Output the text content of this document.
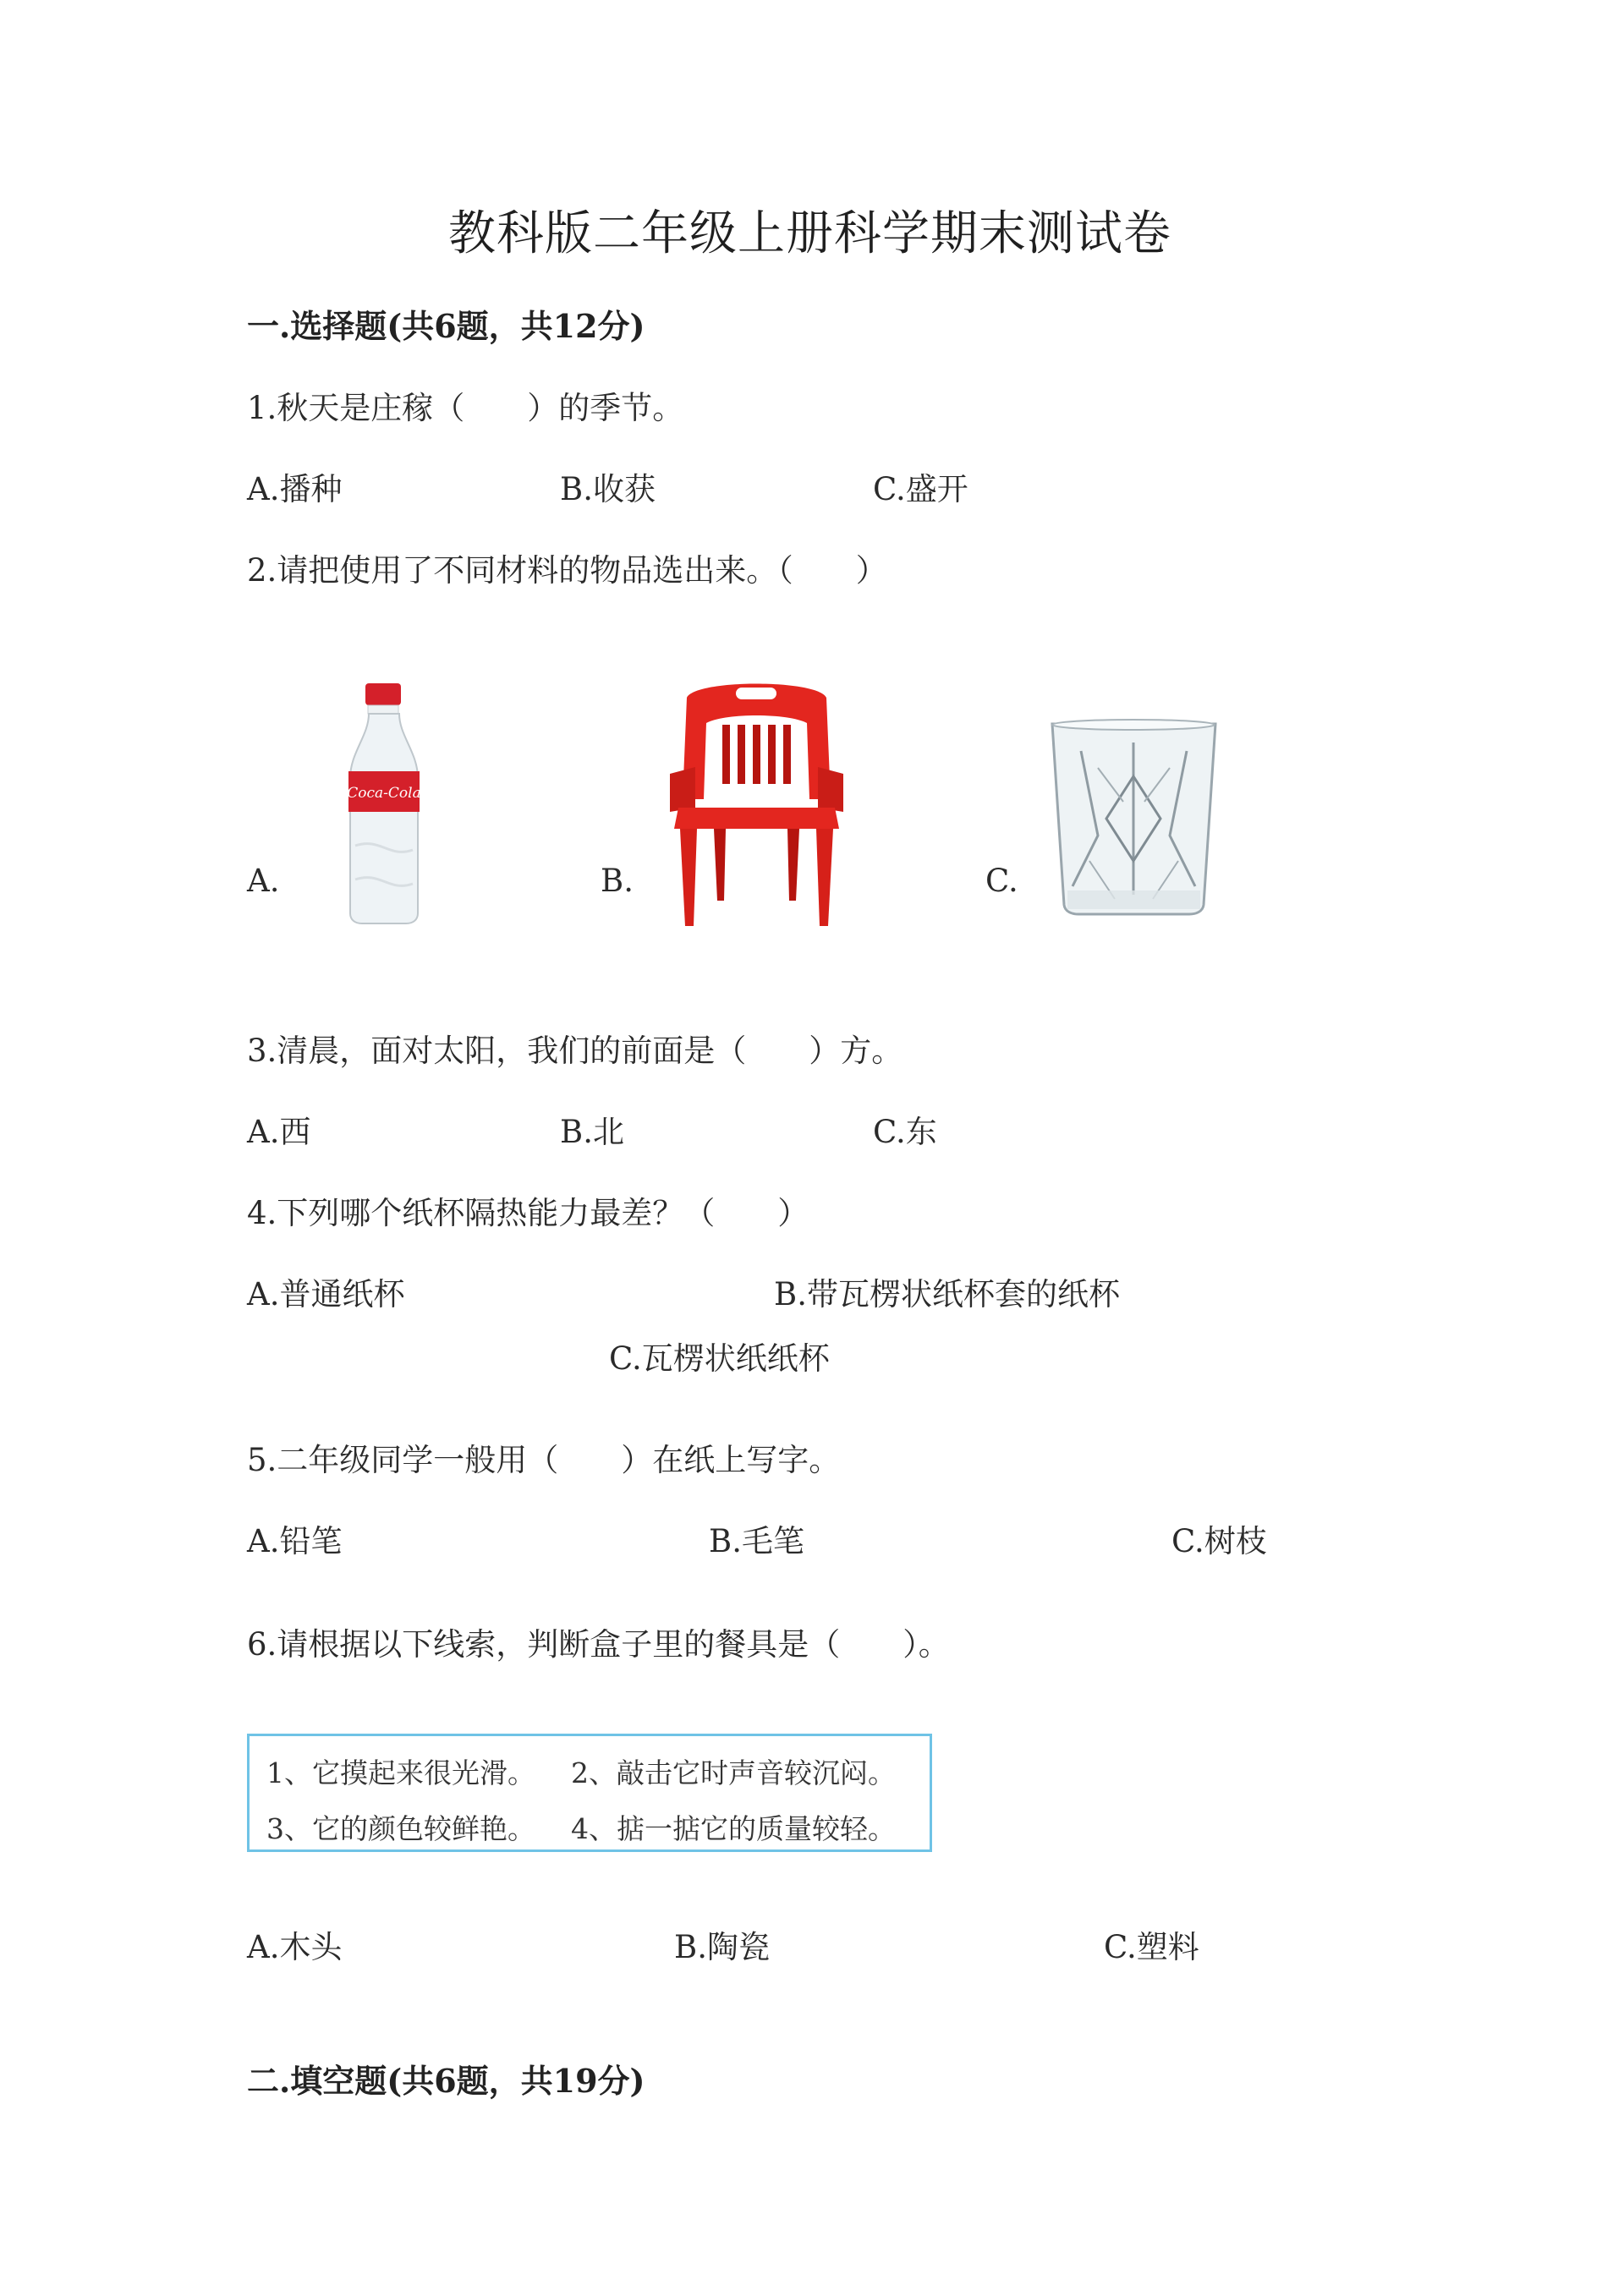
教科版二年级上册科学期末测试卷
一.选择题(共6题，共12分)
1.秋天是庄稼（　　）的季节。
A.播种	B.收获	C.盛开
2.请把使用了不同材料的物品选出来。（　　）
A.
Coca-Cola
B.	C.
3.清晨，面对太阳，我们的前面是（　　）方。
A.西	B.北	C.东
4.下列哪个纸杯隔热能力最差？（　　）
A.普通纸杯	B.带瓦楞状纸杯套的纸杯
C.瓦楞状纸纸杯
5.二年级同学一般用（　　）在纸上写字。
A.铅笔	B.毛笔	C.树枝
6.请根据以下线索，判断盒子里的餐具是（　　）。
1、它摸起来很光滑。 2、敲击它时声音较沉闷。
3、它的颜色较鲜艳。 4、掂一掂它的质量较轻。
A.木头	B.陶瓷	C.塑料
二.填空题(共6题，共19分)
